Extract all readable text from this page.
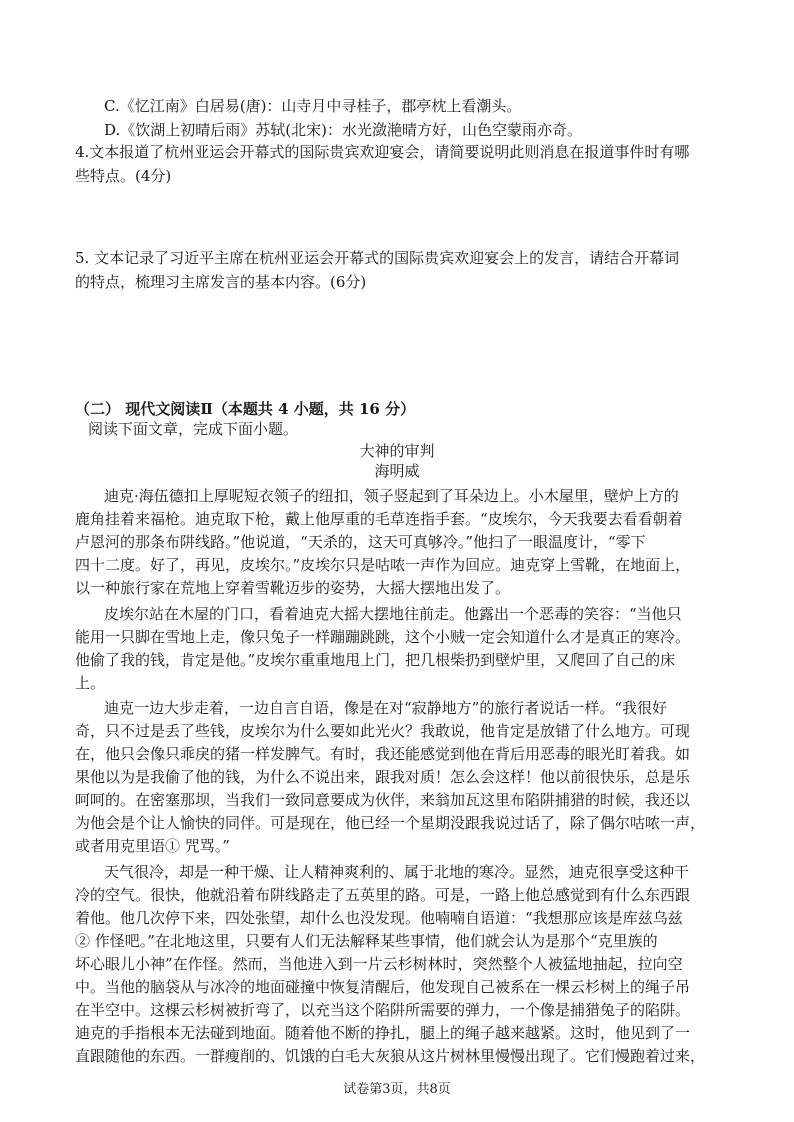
C.《忆江南》白居易(唐)：山寺月中寻桂子，郡亭枕上看潮头。
D.《饮湖上初晴后雨》苏轼(北宋)：水光潋滟晴方好，山色空蒙雨亦奇。
4.文本报道了杭州亚运会开幕式的国际贵宾欢迎宴会，请简要说明此则消息在报道事件时有哪
些特点。(4分)
5. 文本记录了习近平主席在杭州亚运会开幕式的国际贵宾欢迎宴会上的发言，请结合开幕词
的特点，梳理习主席发言的基本内容。(6分)
（二） 现代文阅读Ⅱ（本题共 4 小题，共 16 分）
阅读下面文章，完成下面小题。
大神的审判
海明威
迪克·海伍德扣上厚呢短衣领子的纽扣，领子竖起到了耳朵边上。小木屋里，壁炉上方的
鹿角挂着来福枪。迪克取下枪，戴上他厚重的毛草连指手套。“皮埃尔，今天我要去看看朝着
卢恩河的那条布阱线路。”他说道，“天杀的，这天可真够冷。”他扫了一眼温度计，“零下
四十二度。好了，再见，皮埃尔。”皮埃尔只是咕哝一声作为回应。迪克穿上雪靴，在地面上，
以一种旅行家在荒地上穿着雪靴迈步的姿势，大摇大摆地出发了。
皮埃尔站在木屋的门口，看着迪克大摇大摆地往前走。他露出一个恶毒的笑容：“当他只
能用一只脚在雪地上走，像只兔子一样蹦蹦跳跳，这个小贼一定会知道什么才是真正的寒冷。
他偷了我的钱，肯定是他。”皮埃尔重重地甩上门，把几根柴扔到壁炉里，又爬回了自己的床
上。
迪克一边大步走着，一边自言自语，像是在对“寂静地方”的旅行者说话一样。“我很好
奇，只不过是丢了些钱，皮埃尔为什么要如此光火？我敢说，他肯定是放错了什么地方。可现
在，他只会像只乖戾的猪一样发脾气。有时，我还能感觉到他在背后用恶毒的眼光盯着我。如
果他以为是我偷了他的钱，为什么不说出来，跟我对质！怎么会这样！他以前很快乐，总是乐
呵呵的。在密塞那坝，当我们一致同意要成为伙伴，来翁加瓦这里布陷阱捕猎的时候，我还以
为他会是个让人愉快的同伴。可是现在，他已经一个星期没跟我说过话了，除了偶尔咕哝一声，
或者用克里语① 咒骂。”
天气很冷，却是一种干燥、让人精神爽利的、属于北地的寒冷。显然，迪克很享受这种干
冷的空气。很快，他就沿着布阱线路走了五英里的路。可是，一路上他总感觉到有什么东西跟
着他。他几次停下来，四处张望，却什么也没发现。他喃喃自语道：“我想那应该是库兹乌兹
② 作怪吧。”在北地这里，只要有人们无法解释某些事情，他们就会认为是那个“克里族的
坏心眼儿小神”在作怪。然而，当他进入到一片云杉树林时，突然整个人被猛地抽起，拉向空
中。当他的脑袋从与冰冷的地面碰撞中恢复清醒后，他发现自己被系在一棵云杉树上的绳子吊
在半空中。这棵云杉树被折弯了，以充当这个陷阱所需要的弹力，一个像是捕猎兔子的陷阱。
迪克的手指根本无法碰到地面。随着他不断的挣扎，腿上的绳子越来越紧。这时，他见到了一
直跟随他的东西。一群瘦削的、饥饿的白毛大灰狼从这片树林里慢慢出现了。它们慢跑着过来，
试卷第3页，共8页
